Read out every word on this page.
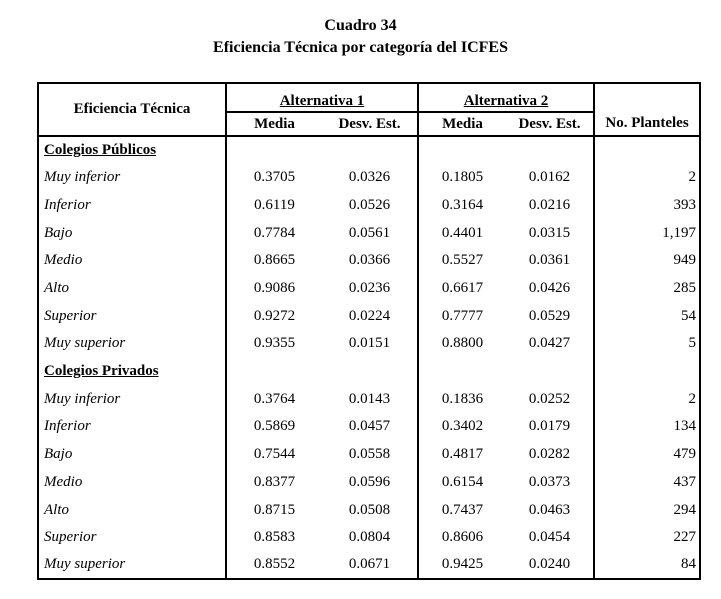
Cuadro 34
Eficiencia Técnica por categoría del ICFES
Eficiencia Técnica	Alternativa 1		Alternativa 2		No. Planteles
	Media	Desv. Est.	Media	Desv. Est.	
Colegios Públicos					
Muy inferior	0.3705	0.0326	0.1805	0.0162	2
Inferior	0.6119	0.0526	0.3164	0.0216	393
Bajo	0.7784	0.0561	0.4401	0.0315	1,197
Medio	0.8665	0.0366	0.5527	0.0361	949
Alto	0.9086	0.0236	0.6617	0.0426	285
Superior	0.9272	0.0224	0.7777	0.0529	54
Muy superior	0.9355	0.0151	0.8800	0.0427	5
Colegios Privados					
Muy inferior	0.3764	0.0143	0.1836	0.0252	2
Inferior	0.5869	0.0457	0.3402	0.0179	134
Bajo	0.7544	0.0558	0.4817	0.0282	479
Medio	0.8377	0.0596	0.6154	0.0373	437
Alto	0.8715	0.0508	0.7437	0.0463	294
Superior	0.8583	0.0804	0.8606	0.0454	227
Muy superior	0.8552	0.0671	0.9425	0.0240	84
